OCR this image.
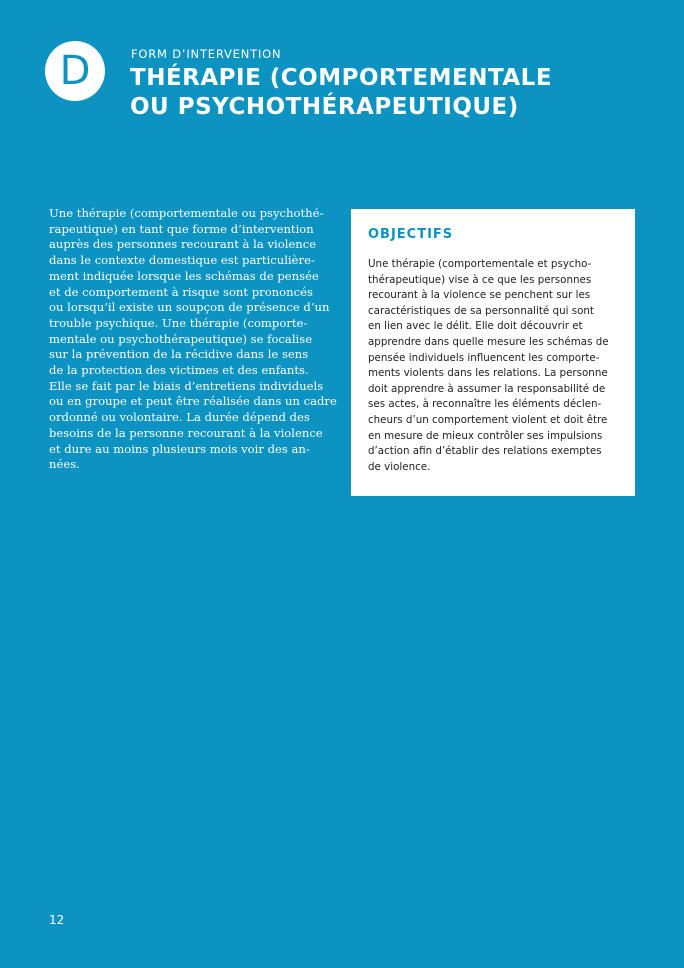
D	FORM D’INTERVENTION
THÉRAPIE (COMPORTEMENTALE
OU PSYCHOTHÉRAPEUTIQUE)
Une thérapie (comportementale ou psychothé-
rapeutique) en tant que forme d’intervention
auprès des personnes recourant à la violence
dans le contexte domestique est particulière-
ment indiquée lorsque les schémas de pensée
et de comportement à risque sont prononcés
ou lorsqu’il existe un soupçon de présence d’un
trouble psychique. Une thérapie (comporte-
mentale ou psychothérapeutique) se focalise
sur la prévention de la récidive dans le sens
de la protection des victimes et des enfants.
Elle se fait par le biais d’entretiens individuels
ou en groupe et peut être réalisée dans un cadre
ordonné ou volontaire. La durée dépend des
besoins de la personne recourant à la violence
et dure au moins plusieurs mois voir des an-
nées.
OBJECTIFS
Une thérapie (comportementale et psycho-
thérapeutique) vise à ce que les personnes
recourant à la violence se penchent sur les
caractéristiques de sa personnalité qui sont
en lien avec le délit. Elle doit découvrir et
apprendre dans quelle mesure les schémas de
pensée individuels influencent les comporte-
ments violents dans les relations. La personne
doit apprendre à assumer la responsabilité de
ses actes, à reconnaître les éléments déclen-
cheurs d’un comportement violent et doit être
en mesure de mieux contrôler ses impulsions
d’action afin d’établir des relations exemptes
de violence.
12
